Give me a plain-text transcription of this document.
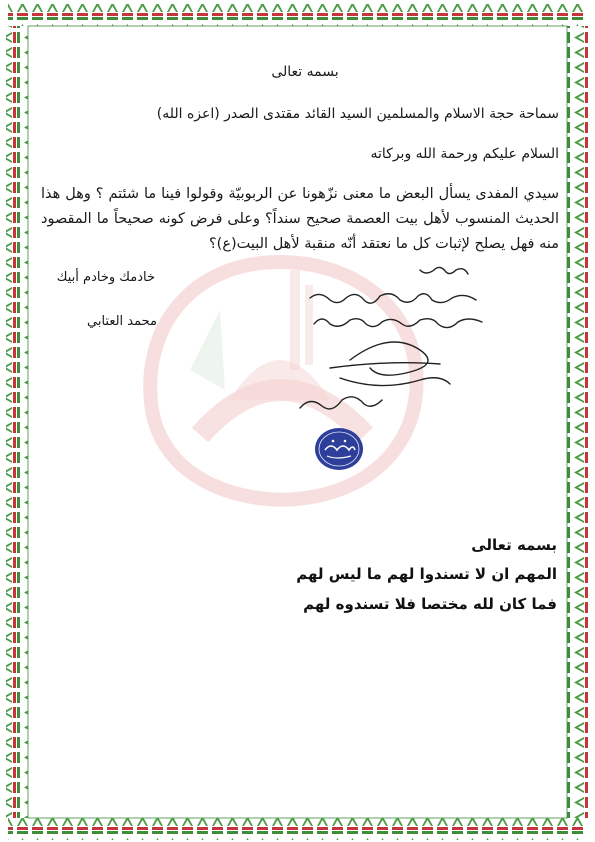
بسمه تعالى
سماحة حجة الاسلام والمسلمين السيد القائد مقتدى الصدر (اعزه الله)
السلام عليكم ورحمة الله وبركاته
سيدي المفدى يسأل البعض ما معنى نزّهونا عن الربوبيّة وقولوا فينا ما شئتم ؟ وهل هذا الحديث المنسوب لأهل بيت العصمة صحيح سنداً؟ وعلى فرض كونه صحيحاً ما المقصود منه فهل يصلح لإثبات كل ما نعتقد أنّه منقبة لأهل البيت(ع)؟
خادمك وخادم أبيك
محمد العتابي
بسمه تعالى
المهم ان لا تسندوا لهم ما ليس لهم
فما كان لله مختصا فلا تسندوه لهم
